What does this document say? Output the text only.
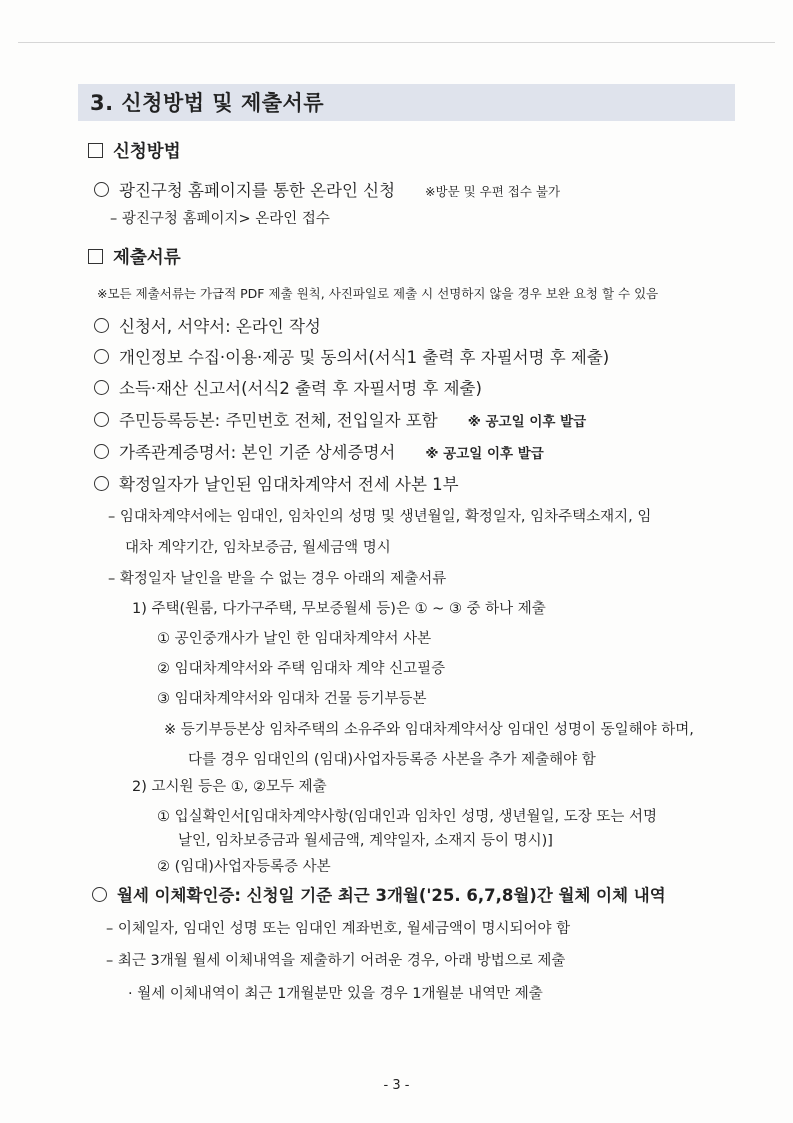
3. 신청방법 및 제출서류
신청방법
광진구청 홈페이지를 통한 온라인 신청 ※방문 및 우편 접수 불가
– 광진구청 홈페이지> 온라인 접수
제출서류
※모든 제출서류는 가급적 PDF 제출 원칙, 사진파일로 제출 시 선명하지 않을 경우 보완 요청 할 수 있음
신청서, 서약서: 온라인 작성
개인정보 수집·이용·제공 및 동의서(서식1 출력 후 자필서명 후 제출)
소득·재산 신고서(서식2 출력 후 자필서명 후 제출)
주민등록등본: 주민번호 전체, 전입일자 포함 ※ 공고일 이후 발급
가족관계증명서: 본인 기준 상세증명서 ※ 공고일 이후 발급
확정일자가 날인된 임대차계약서 전세 사본 1부
– 임대차계약서에는 임대인, 임차인의 성명 및 생년월일, 확정일자, 임차주택소재지, 임
대차 계약기간, 임차보증금, 월세금액 명시
– 확정일자 날인을 받을 수 없는 경우 아래의 제출서류
1) 주택(원룸, 다가구주택, 무보증월세 등)은 ① ~ ③ 중 하나 제출
① 공인중개사가 날인 한 임대차계약서 사본
② 임대차계약서와 주택 임대차 계약 신고필증
③ 임대차계약서와 임대차 건물 등기부등본
※ 등기부등본상 임차주택의 소유주와 임대차계약서상 임대인 성명이 동일해야 하며,
다를 경우 임대인의 (임대)사업자등록증 사본을 추가 제출해야 함
2) 고시원 등은 ①, ②모두 제출
① 입실확인서[임대차계약사항(임대인과 임차인 성명, 생년월일, 도장 또는 서명
날인, 임차보증금과 월세금액, 계약일자, 소재지 등이 명시)]
② (임대)사업자등록증 사본
월세 이체확인증: 신청일 기준 최근 3개월('25. 6,7,8월)간 월체 이체 내역
– 이체일자, 임대인 성명 또는 임대인 계좌번호, 월세금액이 명시되어야 함
– 최근 3개월 월세 이체내역을 제출하기 어려운 경우, 아래 방법으로 제출
· 월세 이체내역이 최근 1개월분만 있을 경우 1개월분 내역만 제출
- 3 -
